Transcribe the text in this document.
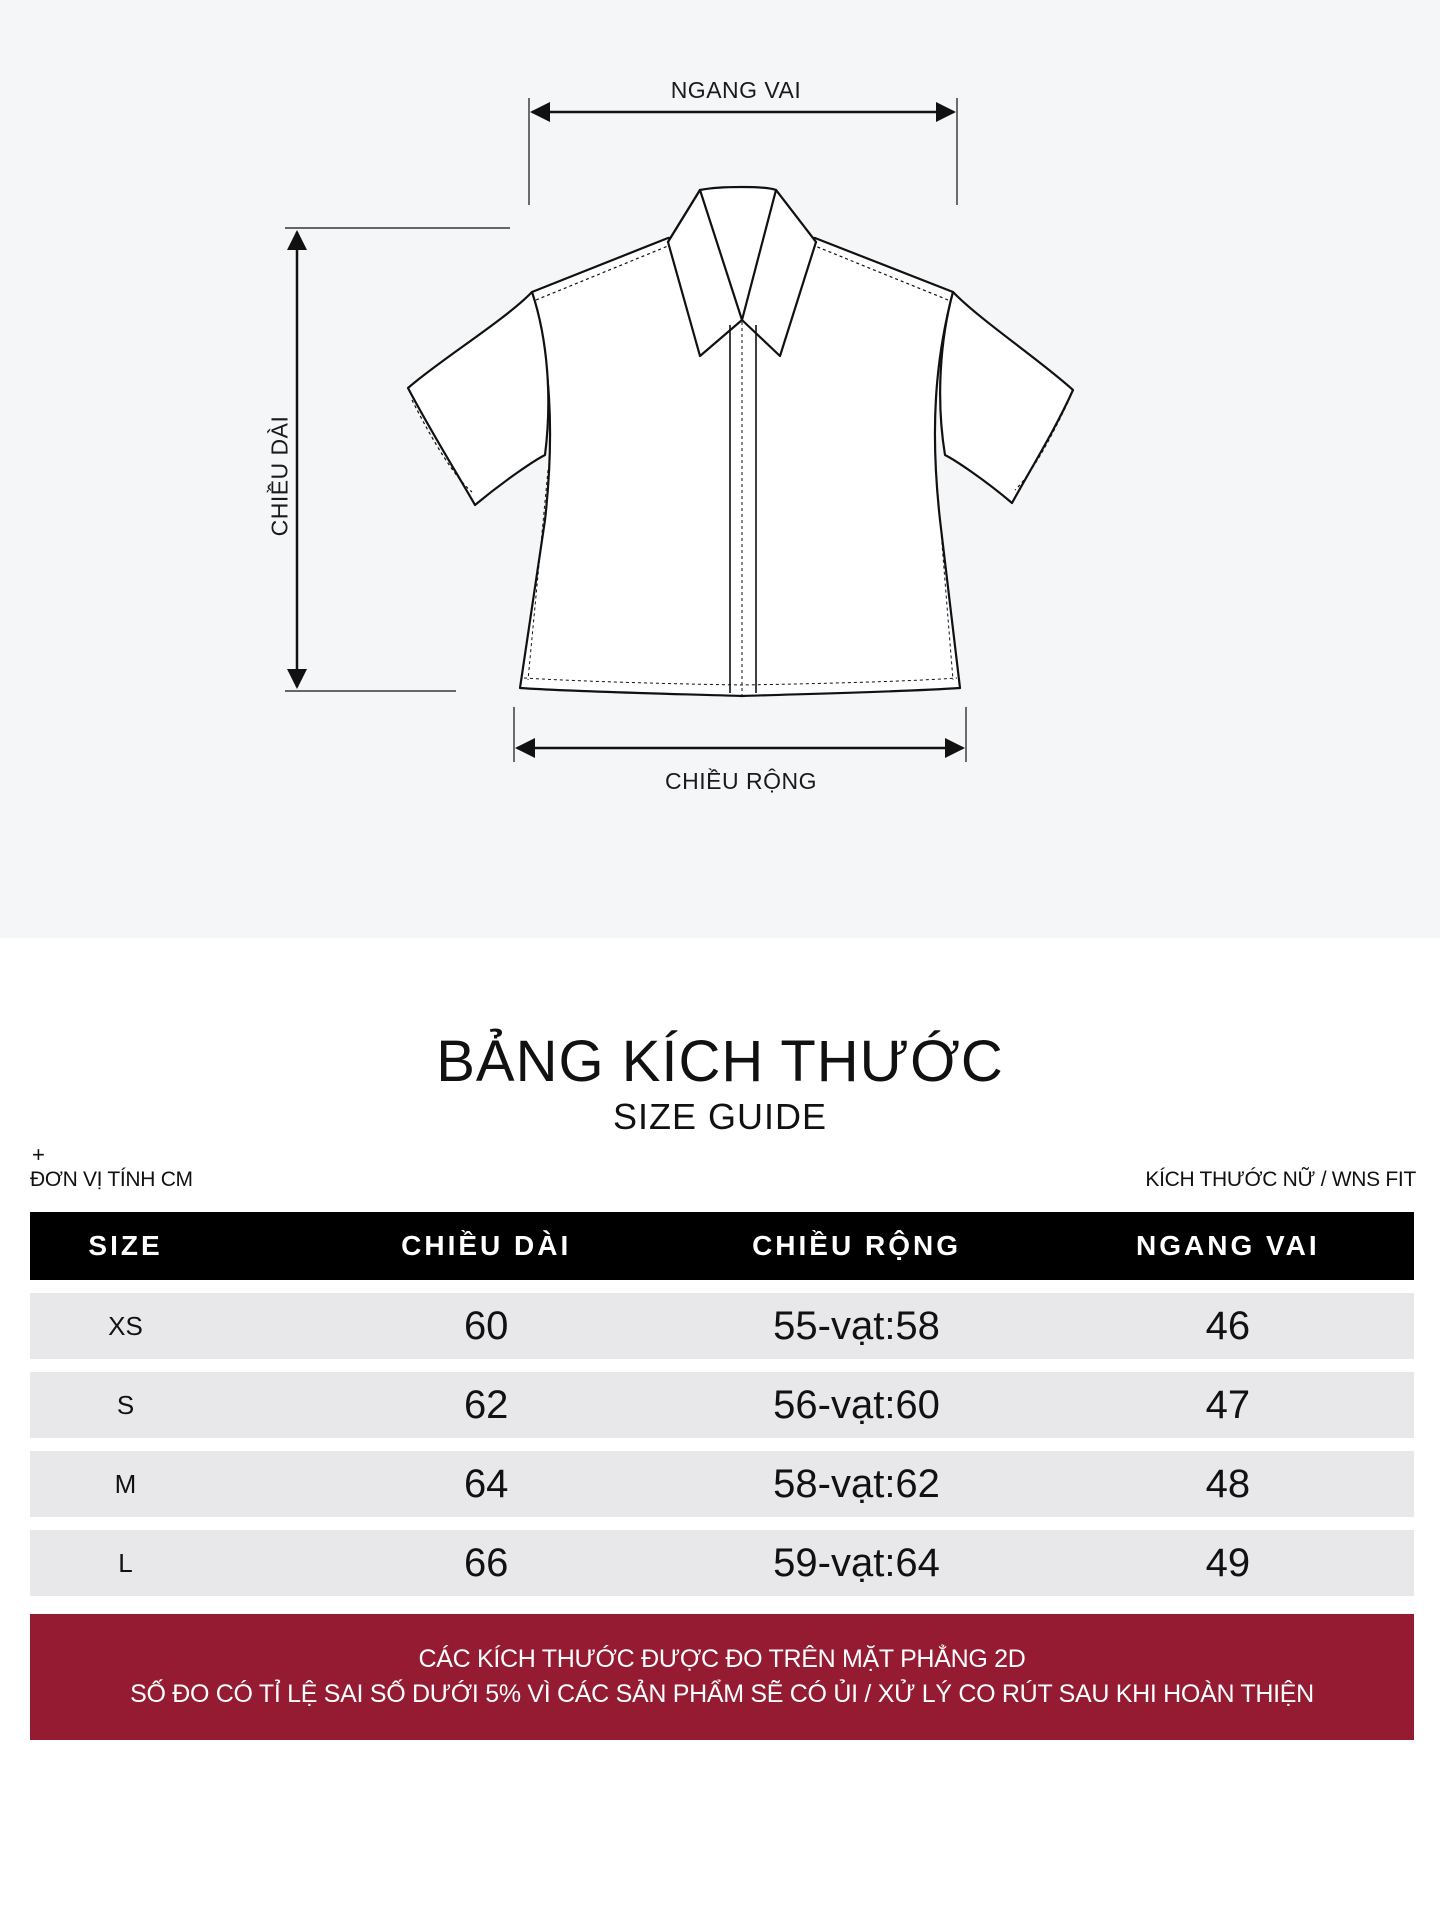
NGANG VAI
CHIỀU RỘNG
CHIỀU DÀI
BẢNG KÍCH THƯỚC
SIZE GUIDE
+
ĐƠN VỊ TÍNH CM	KÍCH THƯỚC NỮ / WNS FIT
SIZE	CHIỀU DÀI	CHIỀU RỘNG	NGANG VAI
XS	60	55-vạt:58	46
S	62	56-vạt:60	47
M	64	58-vạt:62	48
L	66	59-vạt:64	49
CÁC KÍCH THƯỚC ĐƯỢC ĐO TRÊN MẶT PHẲNG 2D
SỐ ĐO CÓ TỈ LỆ SAI SỐ DƯỚI 5% VÌ CÁC SẢN PHẨM SẼ CÓ ỦI / XỬ LÝ CO RÚT SAU KHI HOÀN THIỆN
